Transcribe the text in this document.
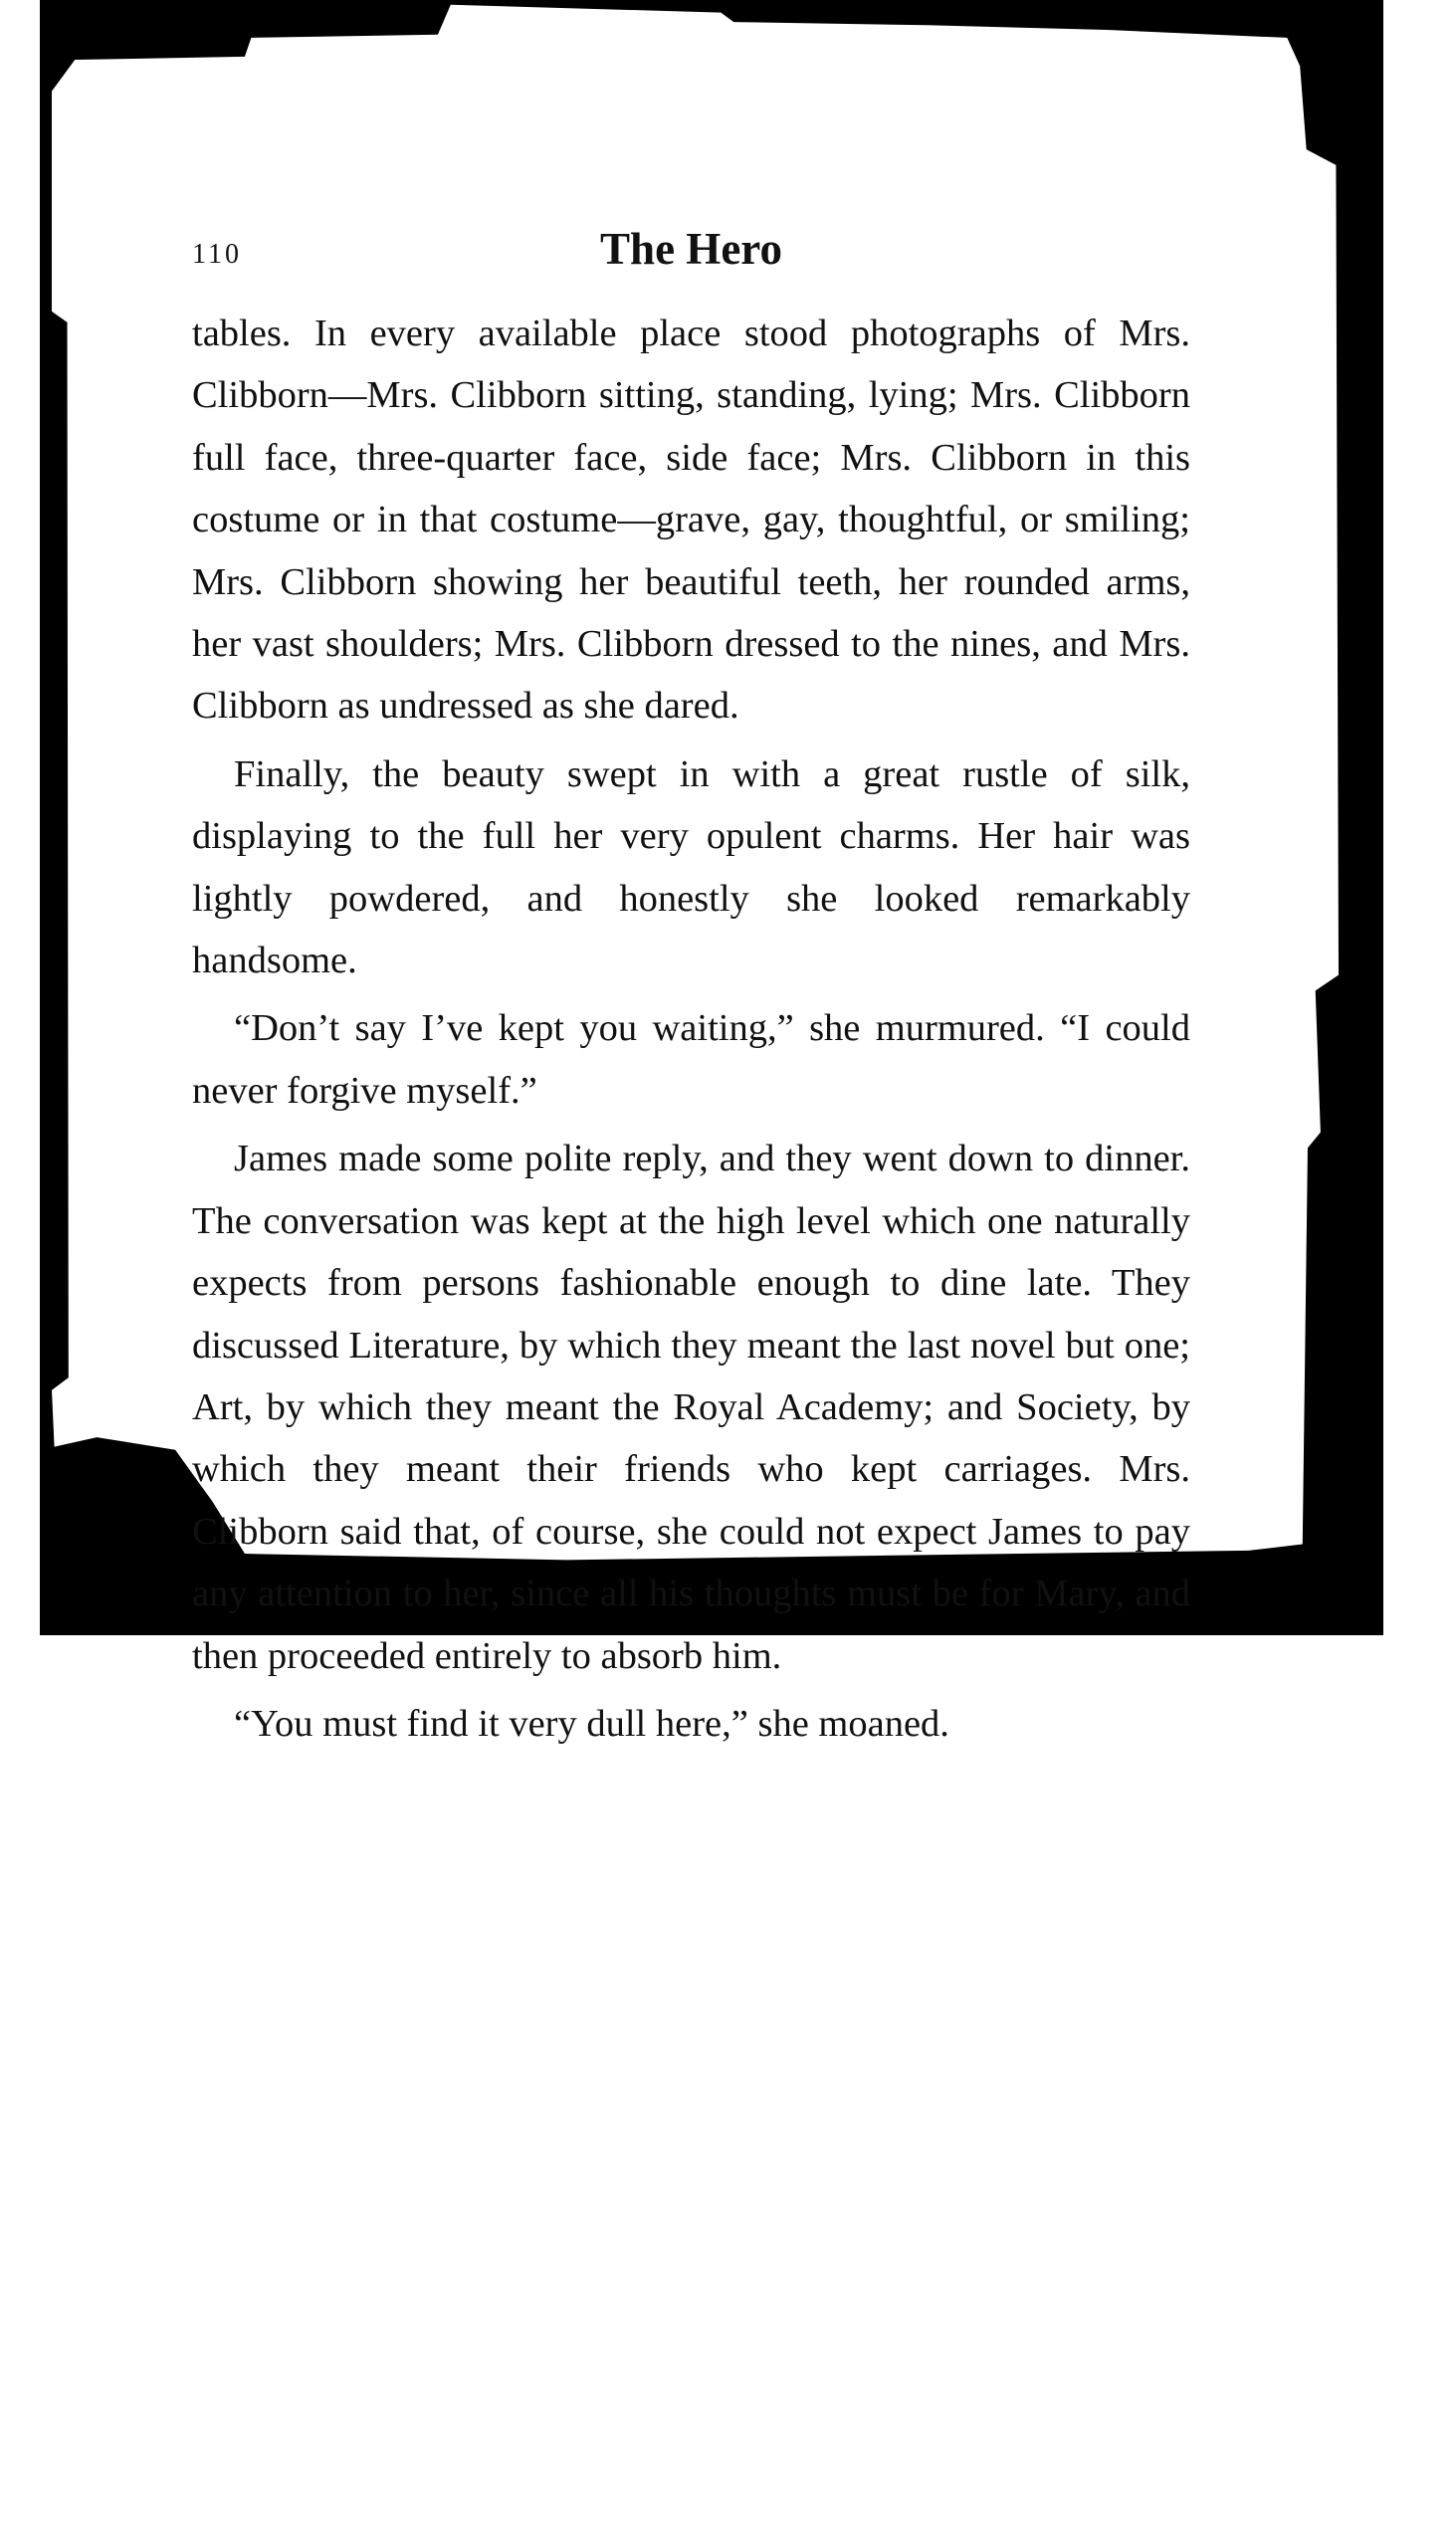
110	The Hero

tables. In every available place stood photographs of Mrs. Clibborn—Mrs. Clibborn sitting, standing, lying; Mrs. Clibborn full face, three-quarter face, side face; Mrs. Clibborn in this costume or in that costume—grave, gay, thoughtful, or smiling; Mrs. Clibborn showing her beautiful teeth, her rounded arms, her vast shoulders; Mrs. Clibborn dressed to the nines, and Mrs. Clibborn as undressed as she dared.

Finally, the beauty swept in with a great rustle of silk, displaying to the full her very opulent charms. Her hair was lightly powdered, and honestly she looked remarkably handsome.

“Don’t say I’ve kept you waiting,” she murmured. “I could never forgive myself.”

James made some polite reply, and they went down to dinner. The conversation was kept at the high level which one naturally expects from persons fashionable enough to dine late. They discussed Literature, by which they meant the last novel but one; Art, by which they meant the Royal Academy; and Society, by which they meant their friends who kept carriages. Mrs. Clibborn said that, of course, she could not expect James to pay any attention to her, since all his thoughts must be for Mary, and then proceeded entirely to absorb him.

“You must find it very dull here,” she moaned.
